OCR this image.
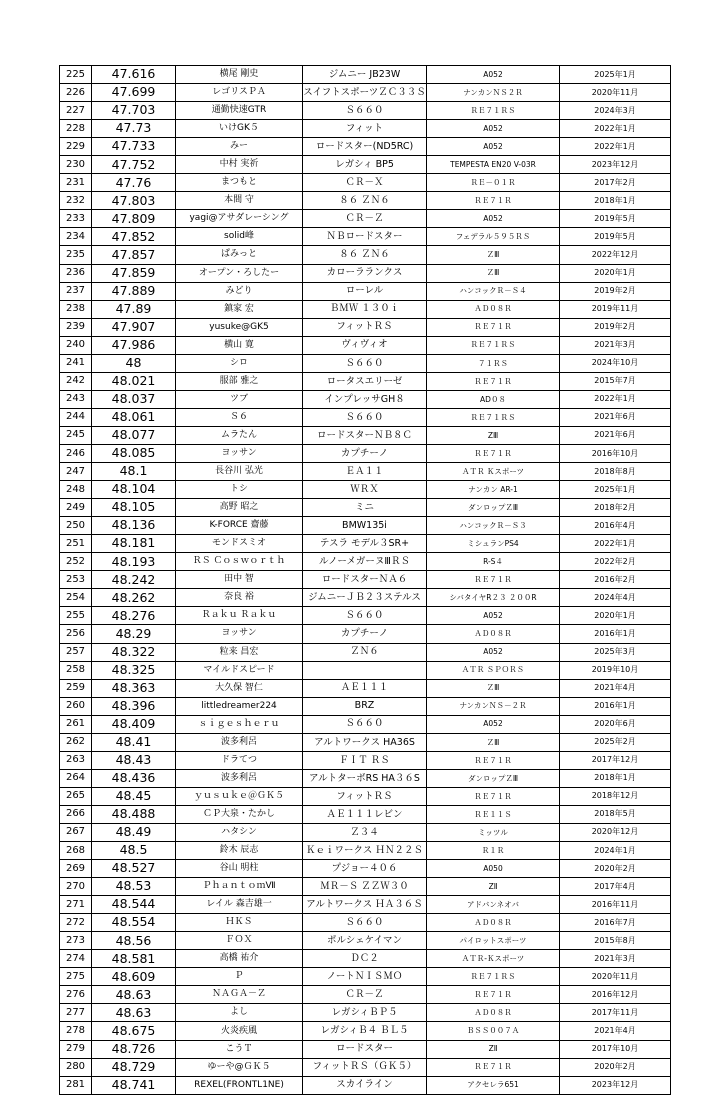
225	47.616	横尾 剛史	ジムニー JB23W	A052	2025年1月
226	47.699	レゴリスＰＡ	スイフトスポーツＺＣ３３Ｓ	ナンカンＮＳ２Ｒ	2020年11月
227	47.703	通勤快速GTR	Ｓ６６０	ＲＥ７１ＲＳ	2024年3月
228	47.73	いけGK５	フィット	A052	2022年1月
229	47.733	みー	ロードスター(ND5RC)	A052	2022年1月
230	47.752	中村 実祈	レガシィ BP5	TEMPESTA EN20 V-03R	2023年12月
231	47.76	まつもと	ＣＲ－Ｘ	ＲＥ－０１Ｒ	2017年2月
232	47.803	本間 守	８６ ＺＮ６	ＲＥ７１Ｒ	2018年1月
233	47.809	yagi@アサダレーシング	ＣＲ－Ｚ	A052	2019年5月
234	47.852	solid峰	ＮＢロードスター	フェデラル５９５ＲＳ	2019年5月
235	47.857	ぱみっと	８６ ＺＮ６	ＺⅢ	2022年12月
236	47.859	オープン・ろしたー	カローラランクス	ＺⅢ	2020年1月
237	47.889	みどり	ローレル	ハンコックＲ－Ｓ４	2019年2月
238	47.89	鎮家 宏	ＢＭＷ １３０ｉ	ＡＤ０８Ｒ	2019年11月
239	47.907	yusuke@GK5	フィットＲＳ	ＲＥ７１Ｒ	2019年2月
240	47.986	横山 寛	ヴィヴィオ	ＲＥ７１ＲＳ	2021年3月
241	48	シロ	Ｓ６６０	７１ＲＳ	2024年10月
242	48.021	服部 雅之	ロータスエリーゼ	ＲＥ７１Ｒ	2015年7月
243	48.037	ツブ	インプレッサGH８	AD０８	2022年1月
244	48.061	Ｓ６	Ｓ６６０	ＲＥ７１ＲＳ	2021年6月
245	48.077	ムラたん	ロードスターＮＢ８Ｃ	ZⅢ	2021年6月
246	48.085	ヨッサン	カプチーノ	ＲＥ７１Ｒ	2016年10月
247	48.1	長谷川 弘光	ＥＡ１１	ＡＴＲ Ｋスポーツ	2018年8月
248	48.104	トシ	ＷＲＸ	ナンカン AR-1	2025年1月
249	48.105	高野 昭之	ミニ	ダンロップＺⅢ	2018年2月
250	48.136	K-FORCE 齋藤	BMW135i	ハンコックＲ－Ｓ３	2016年4月
251	48.181	モンドスミオ	テスラ モデル３SR+	ミシュランPS4	2022年1月
252	48.193	ＲＳ Ｃｏｓｗｏｒｔｈ	ルノーメガーヌⅢＲＳ	R-S４	2022年2月
253	48.242	田中 智	ロードスターＮＡ６	ＲＥ７１Ｒ	2016年2月
254	48.262	奈良 裕	ジムニーＪＢ２３ステルス	シバタイヤR２３ ２００R	2024年4月
255	48.276	Ｒａｋｕ Ｒａｋｕ	Ｓ６６０	A052	2020年1月
256	48.29	ヨッサン	カプチーノ	ＡＤ０８Ｒ	2016年1月
257	48.322	粒来 昌宏	ＺＮ６	A052	2025年3月
258	48.325	マイルドスピード		ＡＴＲ ＳＰＯＲＳ	2019年10月
259	48.363	大久保 智仁	ＡＥ１１１	ＺⅢ	2021年4月
260	48.396	littledreamer224	BRZ	ナンカンＮＳ－２Ｒ	2016年1月
261	48.409	ｓｉｇｅｓｈｅｒｕ	Ｓ６６０	A052	2020年6月
262	48.41	波多利呂	アルトワークス HA36S	ＺⅢ	2025年2月
263	48.43	ドラてつ	ＦＩＴ ＲＳ	ＲＥ７１Ｒ	2017年12月
264	48.436	波多利呂	アルトターボRS HA３６S	ダンロップＺⅢ	2018年1月
265	48.45	ｙｕｓｕｋｅ＠ＧＫ５	フィットＲＳ	ＲＥ７１Ｒ	2018年12月
266	48.488	ＣＰ大泉・たかし	ＡＥ１１１レビン	ＲＥ１１Ｓ	2018年5月
267	48.49	ハタシン	Ｚ３４	ミッツル	2020年12月
268	48.5	鈴木 辰志	Ｋｅｉワークス ＨＮ２２Ｓ	Ｒ１Ｒ	2024年1月
269	48.527	谷山 明柱	プジョー４０６	A050	2020年2月
270	48.53	ＰｈａｎｔｏｍⅦ	ＭＲ－Ｓ ＺＺＷ３０	ZⅡ	2017年4月
271	48.544	レイル 森吉雄一	アルトワークス ＨＡ３６Ｓ	アドバンネオバ	2016年11月
272	48.554	ＨＫＳ	Ｓ６６０	ＡＤ０８Ｒ	2016年7月
273	48.56	ＦＯＸ	ポルシェケイマン	パイロットスポーツ	2015年8月
274	48.581	高橋 祐介	ＤＣ２	ＡＴＲ-Ｋスポーツ	2021年3月
275	48.609	Ｐ	ノートＮＩＳＭＯ	ＲＥ７１ＲＳ	2020年11月
276	48.63	ＮＡＧＡ－Ｚ	ＣＲ－Ｚ	ＲＥ７１Ｒ	2016年12月
277	48.63	よし	レガシィＢＰ５	ＡＤ０８Ｒ	2017年11月
278	48.675	火炎疾風	レガシィＢ４ ＢＬ５	ＢＳＳ００７Ａ	2021年4月
279	48.726	こうＴ	ロードスター	ZⅡ	2017年10月
280	48.729	ゆーや@ＧＫ５	フィットＲＳ（ＧＫ５）	ＲＥ７１Ｒ	2020年2月
281	48.741	REXEL(FRONTL1NE)	スカイライン	アクセレラ651	2023年12月
